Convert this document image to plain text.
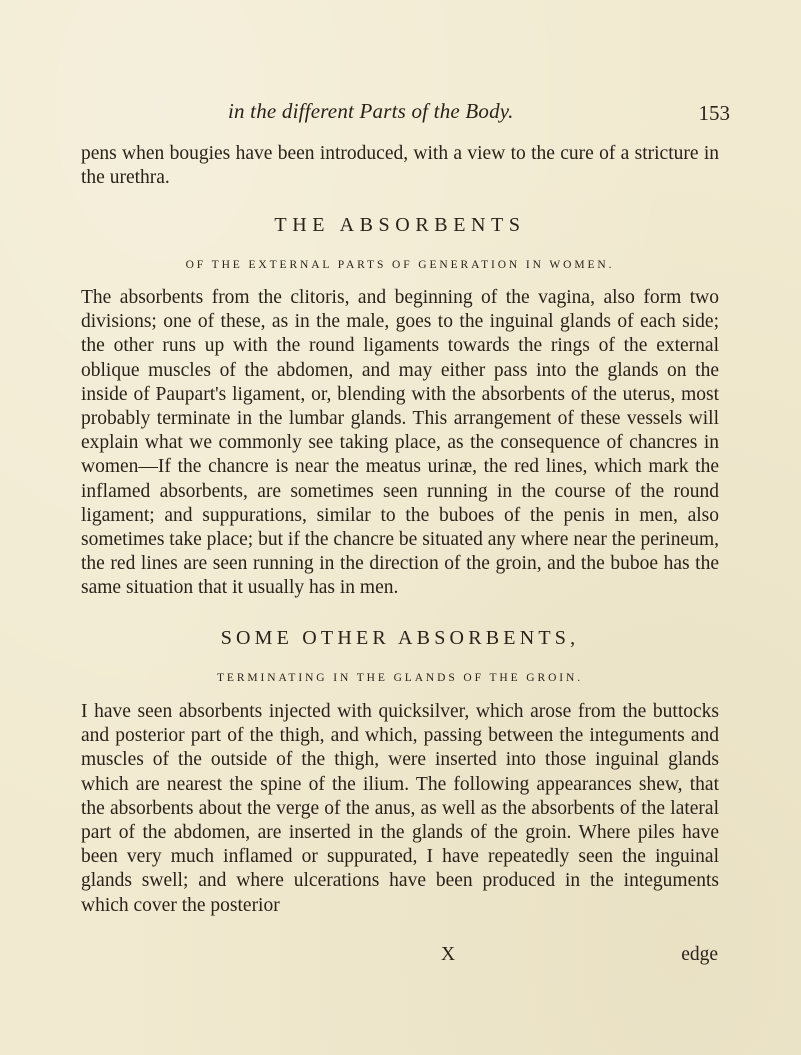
in the different Parts of the Body.	153

pens when bougies have been introduced, with a view to the cure of a stricture in the urethra.

THE ABSORBENTS
OF THE EXTERNAL PARTS OF GENERATION IN WOMEN.

The absorbents from the clitoris, and beginning of the vagina, also form two divisions; one of these, as in the male, goes to the inguinal glands of each side; the other runs up with the round ligaments towards the rings of the external oblique muscles of the abdomen, and may either pass into the glands on the inside of Paupart's ligament, or, blending with the absorbents of the uterus, most probably terminate in the lumbar glands. This arrangement of these vessels will explain what we commonly see taking place, as the consequence of chancres in women—If the chancre is near the meatus urinæ, the red lines, which mark the inflamed absorbents, are sometimes seen running in the course of the round ligament; and suppurations, similar to the buboes of the penis in men, also sometimes take place; but if the chancre be situated any where near the perineum, the red lines are seen running in the direction of the groin, and the buboe has the same situation that it usually has in men.

SOME OTHER ABSORBENTS,
TERMINATING IN THE GLANDS OF THE GROIN.

I have seen absorbents injected with quicksilver, which arose from the buttocks and posterior part of the thigh, and which, passing between the integuments and muscles of the outside of the thigh, were inserted into those inguinal glands which are nearest the spine of the ilium. The following appearances shew, that the absorbents about the verge of the anus, as well as the absorbents of the lateral part of the abdomen, are inserted in the glands of the groin. Where piles have been very much inflamed or suppurated, I have repeatedly seen the inguinal glands swell; and where ulcerations have been produced in the integuments which cover the posterior

X	edge
